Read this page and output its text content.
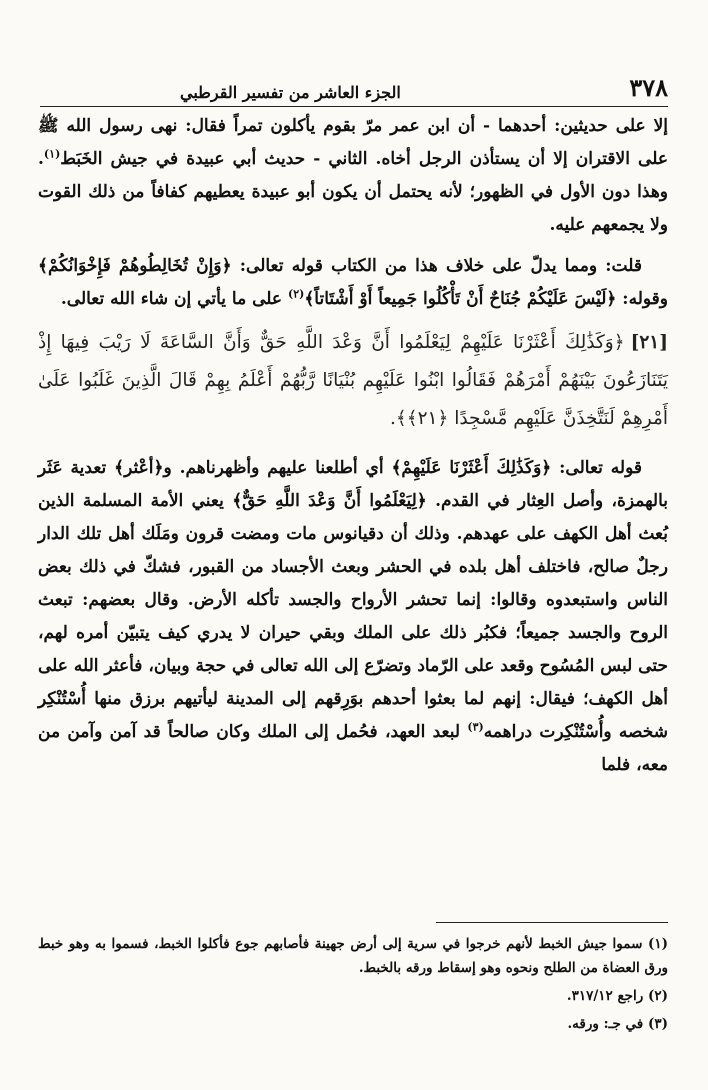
٣٧٨
الجزء العاشر من تفسير القرطبي

إلا على حديثين: أحدهما - أن ابن عمر مرّ بقوم يأكلون تمراً فقال: نهى رسول الله ﷺ على الاقتران إلا أن يستأذن الرجل أخاه. الثاني - حديث أبي عبيدة في جيش الخَبَط$^{(١)}$. وهذا دون الأول في الظهور؛ لأنه يحتمل أن يكون أبو عبيدة يعطيهم كفافاً من ذلك القوت ولا يجمعهم عليه.

قلت: ومما يدلّ على خلاف هذا من الكتاب قوله تعالى: ﴿وَإِنْ تُخَالِطُوهُمْ فَإِخْوَانُكُمْ﴾ وقوله: ﴿لَيْسَ عَلَيْكُمْ جُنَاحٌ أَنْ تَأْكُلُوا جَمِيعاً أَوْ أَشْتَاتاً﴾$^{(٢)}$ على ما يأتي إن شاء الله تعالى.

[٢١]﴿وَكَذَٰلِكَ أَعْثَرْنَا عَلَيْهِمْ لِيَعْلَمُوا أَنَّ وَعْدَ اللَّهِ حَقٌّ وَأَنَّ السَّاعَةَ لَا رَيْبَ فِيهَا إِذْ يَتَنَازَعُونَ بَيْنَهُمْ أَمْرَهُمْ فَقَالُوا ابْنُوا عَلَيْهِم بُنْيَانًا رَّبُّهُمْ أَعْلَمُ بِهِمْ قَالَ الَّذِينَ غَلَبُوا عَلَىٰ أَمْرِهِمْ لَنَتَّخِذَنَّ عَلَيْهِم مَّسْجِدًا ﴿٢١﴾﴾.

قوله تعالى: ﴿وَكَذَٰلِكَ أَعْثَرْنَا عَلَيْهِمْ﴾ أي أطلعنا عليهم وأظهرناهم. و﴿أعْثر﴾ تعدية عَثَر بالهمزة، وأصل العِثار في القدم. ﴿لِيَعْلَمُوا أَنَّ وَعْدَ اللَّهِ حَقٌّ﴾ يعني الأمة المسلمة الذين بُعث أهل الكهف على عهدهم. وذلك أن دقيانوس مات ومضت قرون ومَلَك أهل تلك الدار رجلٌ صالح، فاختلف أهل بلده في الحشر وبعث الأجساد من القبور، فشكّ في ذلك بعض الناس واستبعدوه وقالوا: إنما تحشر الأرواح والجسد تأكله الأرض. وقال بعضهم: تبعث الروح والجسد جميعاً؛ فكبُر ذلك على الملك وبقي حيران لا يدري كيف يتبيّن أمره لهم، حتى لبس المُسُوح وقعد على الرّماد وتضرّع إلى الله تعالى في حجة وبيان، فأعثر الله على أهل الكهف؛ فيقال: إنهم لما بعثوا أحدهم بوَرِقهم إلى المدينة ليأتيهم برزق منها أُسْتُنْكِر شخصه وأُسْتُنْكِرت دراهمه$^{(٣)}$ لبعد العهد، فحُمل إلى الملك وكان صالحاً قد آمن وآمن من معه، فلما

(١) سموا جيش الخبط لأنهم خرجوا في سرية إلى أرض جهينة فأصابهم جوع فأكلوا الخبط، فسموا به وهو خبط ورق العضاة من الطلح ونحوه وهو إسقاط ورقه بالخبط.

(٢) راجع ٣١٧/١٢.

(٣) في جـ: ورقه.
